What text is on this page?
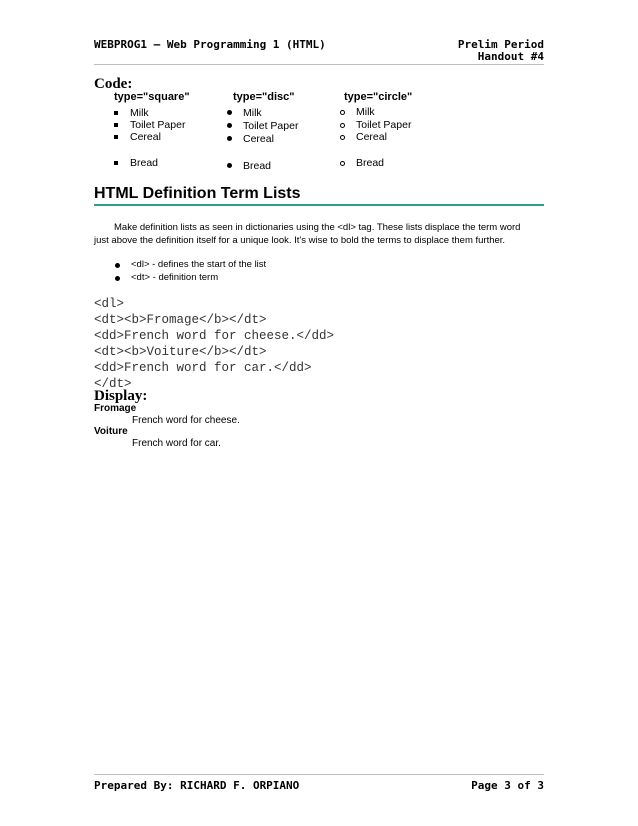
WEBPROG1 – Web Programming 1 (HTML)	Prelim Period
Handout #4
Code:
type="square"
Milk
Toilet Paper
Cereal
Bread
type="disc"
Milk
Toilet Paper
Cereal
Bread
type="circle"
Milk
Toilet Paper
Cereal
Bread
HTML Definition Term Lists
Make definition lists as seen in dictionaries using the <dl> tag. These lists displace the term word
just above the definition itself for a unique look. It's wise to bold the terms to displace them further.
<dl> - defines the start of the list
<dt> - definition term
<dl>
<dt><b>Fromage</b></dt>
<dd>French word for cheese.</dd>
<dt><b>Voiture</b></dt>
<dd>French word for car.</dd>
</dt>
Display:
Fromage
French word for cheese.
Voiture
French word for car.
Prepared By: RICHARD F. ORPIANO	Page 3 of 3
